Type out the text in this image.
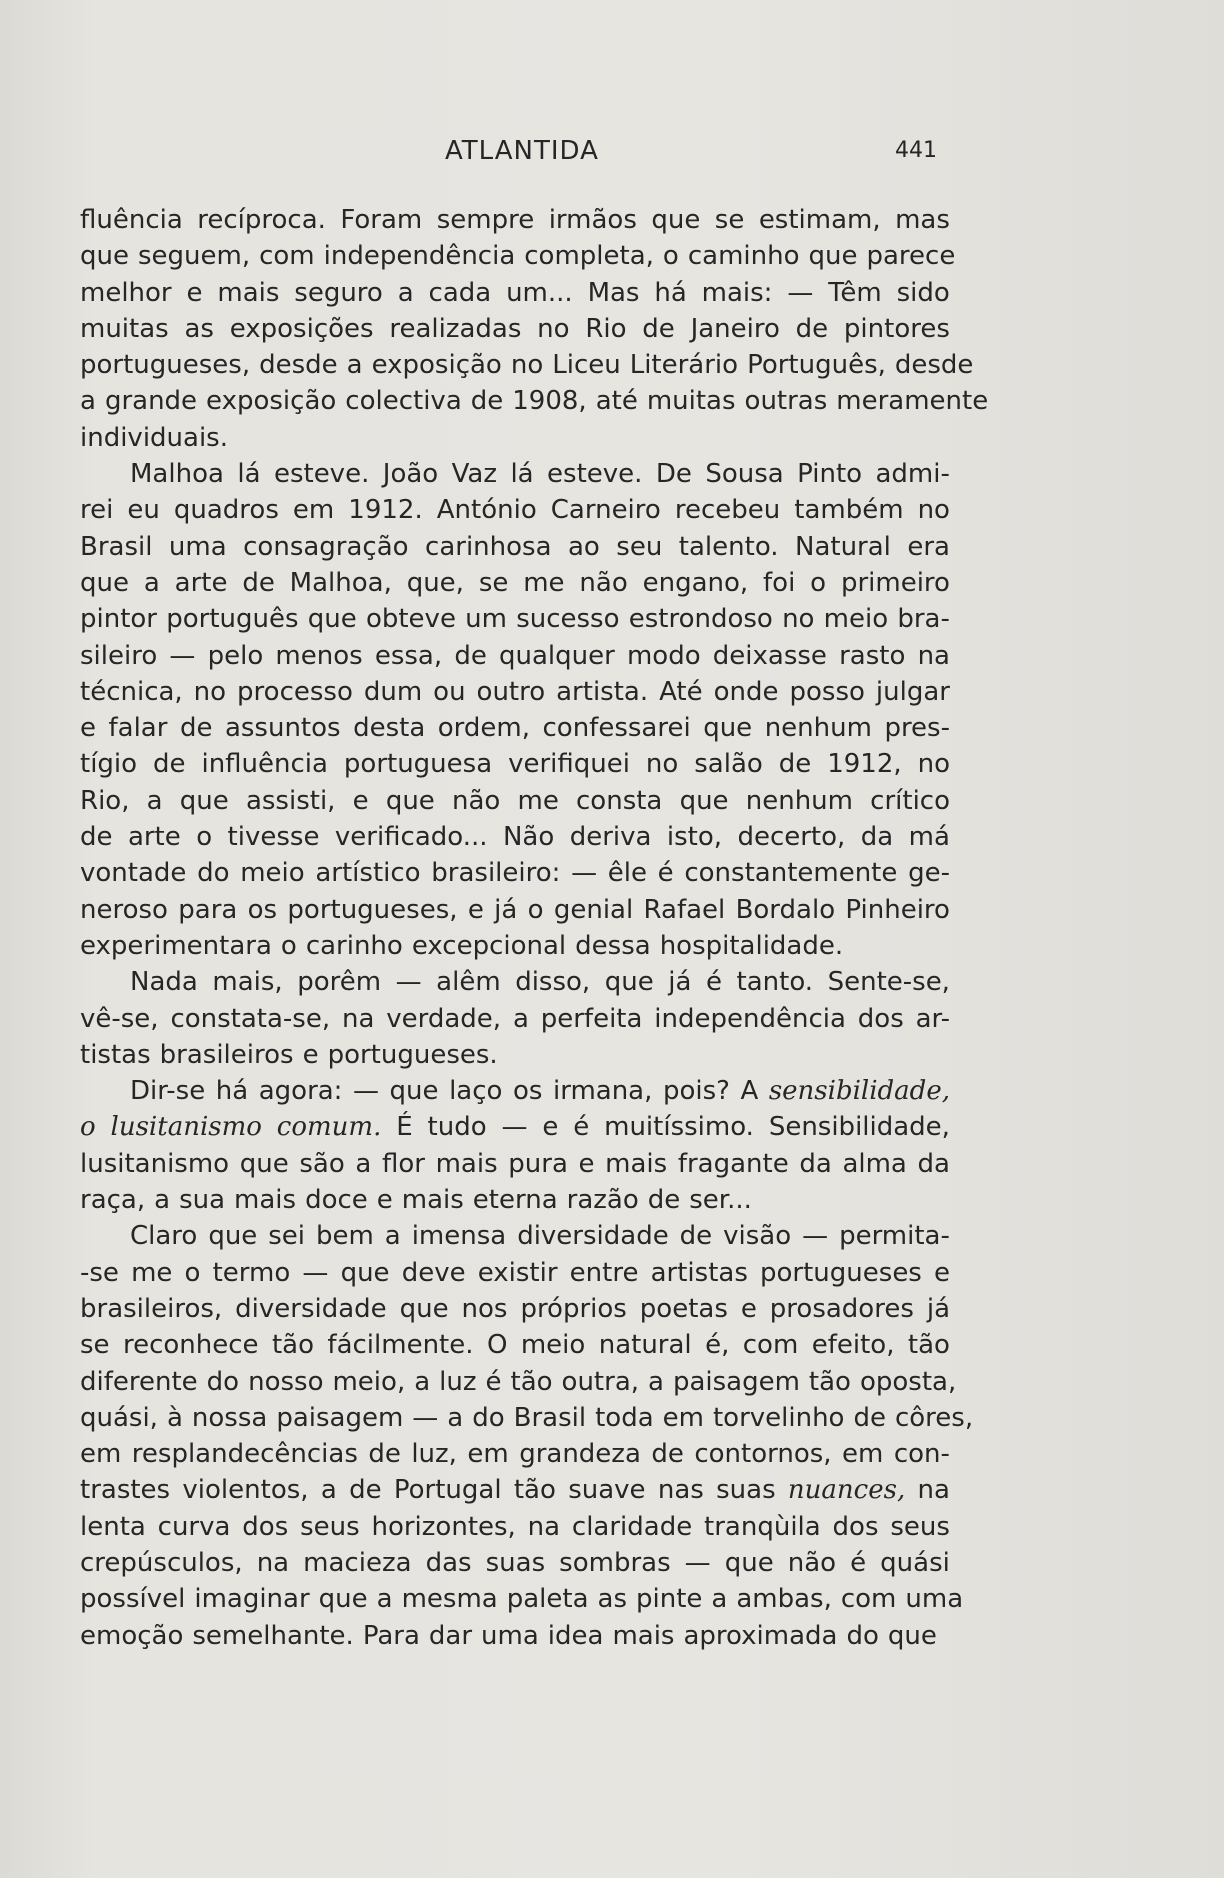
ATLANTIDA	441
fluência recíproca. Foram sempre irmãos que se estimam, mas
que seguem, com independência completa, o caminho que parece
melhor e mais seguro a cada um... Mas há mais: — Têm sido
muitas as exposições realizadas no Rio de Janeiro de pintores
portugueses, desde a exposição no Liceu Literário Português, desde
a grande exposição colectiva de 1908, até muitas outras meramente
individuais.
Malhoa lá esteve. João Vaz lá esteve. De Sousa Pinto admi-
rei eu quadros em 1912. António Carneiro recebeu também no
Brasil uma consagração carinhosa ao seu talento. Natural era
que a arte de Malhoa, que, se me não engano, foi o primeiro
pintor português que obteve um sucesso estrondoso no meio bra-
sileiro — pelo menos essa, de qualquer modo deixasse rasto na
técnica, no processo dum ou outro artista. Até onde posso julgar
e falar de assuntos desta ordem, confessarei que nenhum pres-
tígio de influência portuguesa verifiquei no salão de 1912, no
Rio, a que assisti, e que não me consta que nenhum crítico
de arte o tivesse verificado... Não deriva isto, decerto, da má
vontade do meio artístico brasileiro: — êle é constantemente ge-
neroso para os portugueses, e já o genial Rafael Bordalo Pinheiro
experimentara o carinho excepcional dessa hospitalidade.
Nada mais, porêm — alêm disso, que já é tanto. Sente-se,
vê-se, constata-se, na verdade, a perfeita independência dos ar-
tistas brasileiros e portugueses.
Dir-se há agora: — que laço os irmana, pois? A sensibilidade,
o lusitanismo comum. É tudo — e é muitíssimo. Sensibilidade,
lusitanismo que são a flor mais pura e mais fragante da alma da
raça, a sua mais doce e mais eterna razão de ser...
Claro que sei bem a imensa diversidade de visão — permita-
-se me o termo — que deve existir entre artistas portugueses e
brasileiros, diversidade que nos próprios poetas e prosadores já
se reconhece tão fácilmente. O meio natural é, com efeito, tão
diferente do nosso meio, a luz é tão outra, a paisagem tão oposta,
quási, à nossa paisagem — a do Brasil toda em torvelinho de côres,
em resplandecências de luz, em grandeza de contornos, em con-
trastes violentos, a de Portugal tão suave nas suas nuances, na
lenta curva dos seus horizontes, na claridade tranqùila dos seus
crepúsculos, na macieza das suas sombras — que não é quási
possível imaginar que a mesma paleta as pinte a ambas, com uma
emoção semelhante. Para dar uma idea mais aproximada do que
